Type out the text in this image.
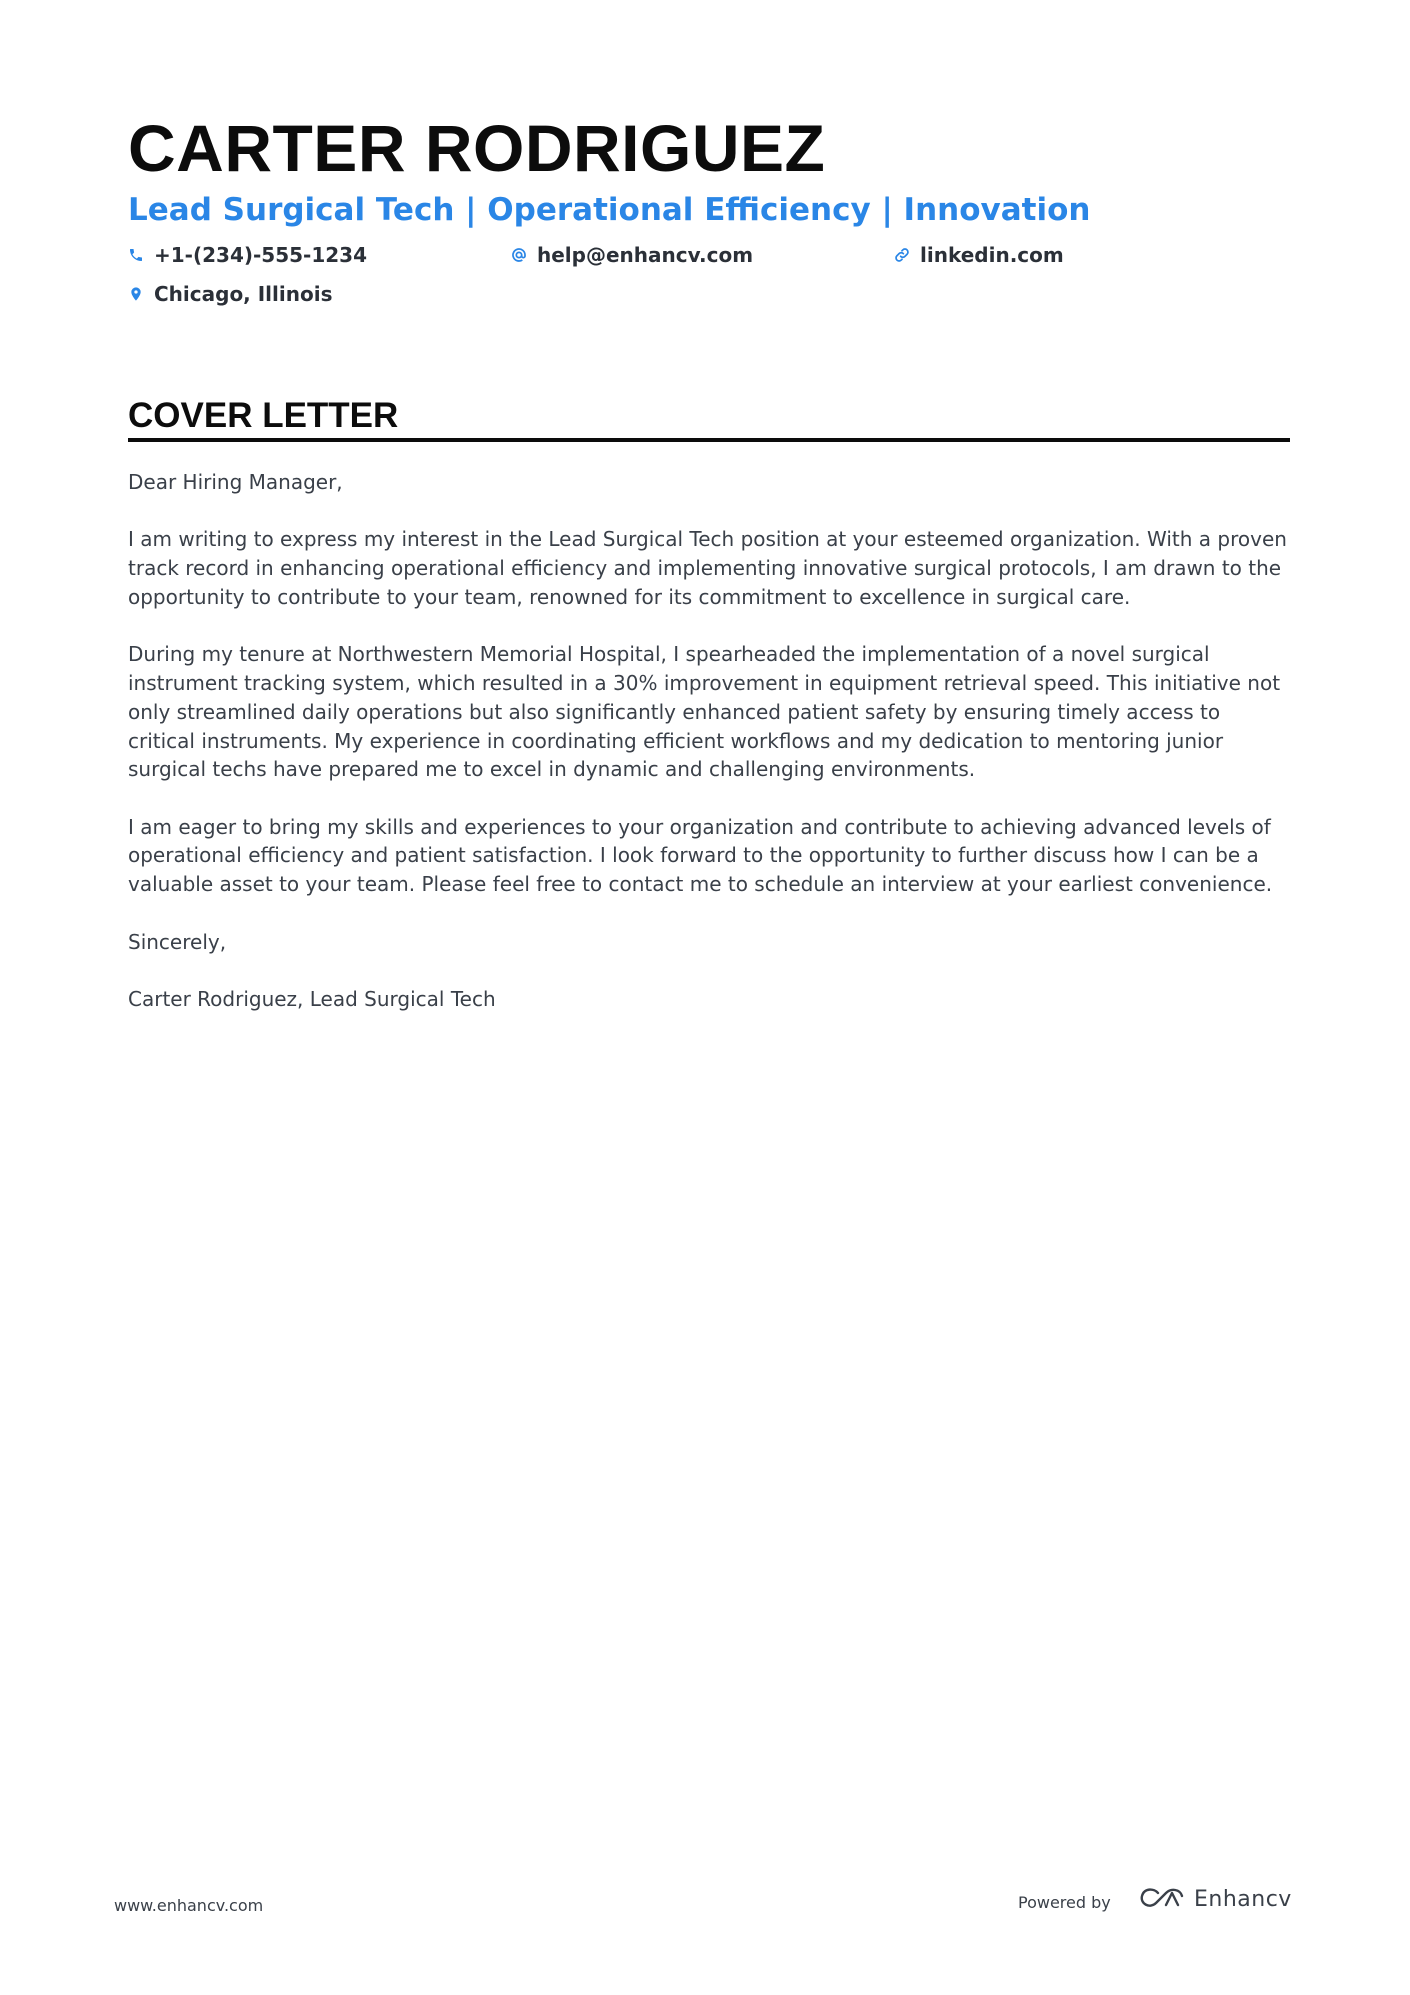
CARTER RODRIGUEZ
Lead Surgical Tech | Operational Efficiency | Innovation
+1-(234)-555-1234	help@enhancv.com	linkedin.com
Chicago, Illinois
COVER LETTER

Dear Hiring Manager,

I am writing to express my interest in the Lead Surgical Tech position at your esteemed organization. With a proven track record in enhancing operational efficiency and implementing innovative surgical protocols, I am drawn to the opportunity to contribute to your team, renowned for its commitment to excellence in surgical care.

During my tenure at Northwestern Memorial Hospital, I spearheaded the implementation of a novel surgical instrument tracking system, which resulted in a 30% improvement in equipment retrieval speed. This initiative not only streamlined daily operations but also significantly enhanced patient safety by ensuring timely access to critical instruments. My experience in coordinating efficient workflows and my dedication to mentoring junior surgical techs have prepared me to excel in dynamic and challenging environments.

I am eager to bring my skills and experiences to your organization and contribute to achieving advanced levels of operational efficiency and patient satisfaction. I look forward to the opportunity to further discuss how I can be a valuable asset to your team. Please feel free to contact me to schedule an interview at your earliest convenience.

Sincerely,

Carter Rodriguez, Lead Surgical Tech

www.enhancv.com	Powered by	Enhancv
